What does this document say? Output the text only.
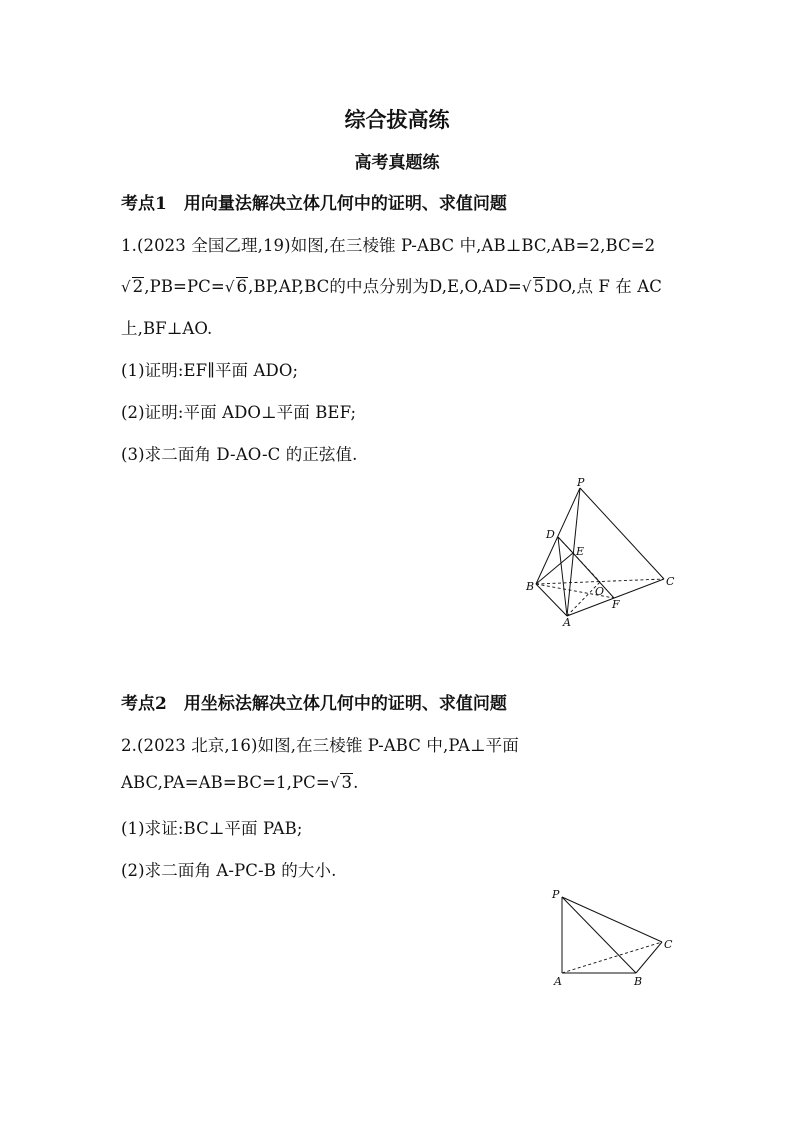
综合拔高练
高考真题练
考点1　用向量法解决立体几何中的证明、求值问题
1.(2023 全国乙理,19)如图,在三棱锥 P-ABC 中,AB⊥BC,AB=2,BC=2
√ 2,PB=PC=√ 6,BP,AP,BC的中点分别为D,E,O,AD=√ 5DO,点 F 在 AC
上,BF⊥AO.
(1)证明:EF∥平面 ADO;
(2)证明:平面 ADO⊥平面 BEF;
(3)求二面角 D-AO-C 的正弦值.
P
D
E
B	O
C
A
F
考点2　用坐标法解决立体几何中的证明、求值问题
2.(2023 北京,16)如图,在三棱锥 P-ABC 中,PA⊥平面
ABC,PA=AB=BC=1,PC=√ 3.
(1)求证:BC⊥平面 PAB;
(2)求二面角 A-PC-B 的大小.
P
C
A	B
